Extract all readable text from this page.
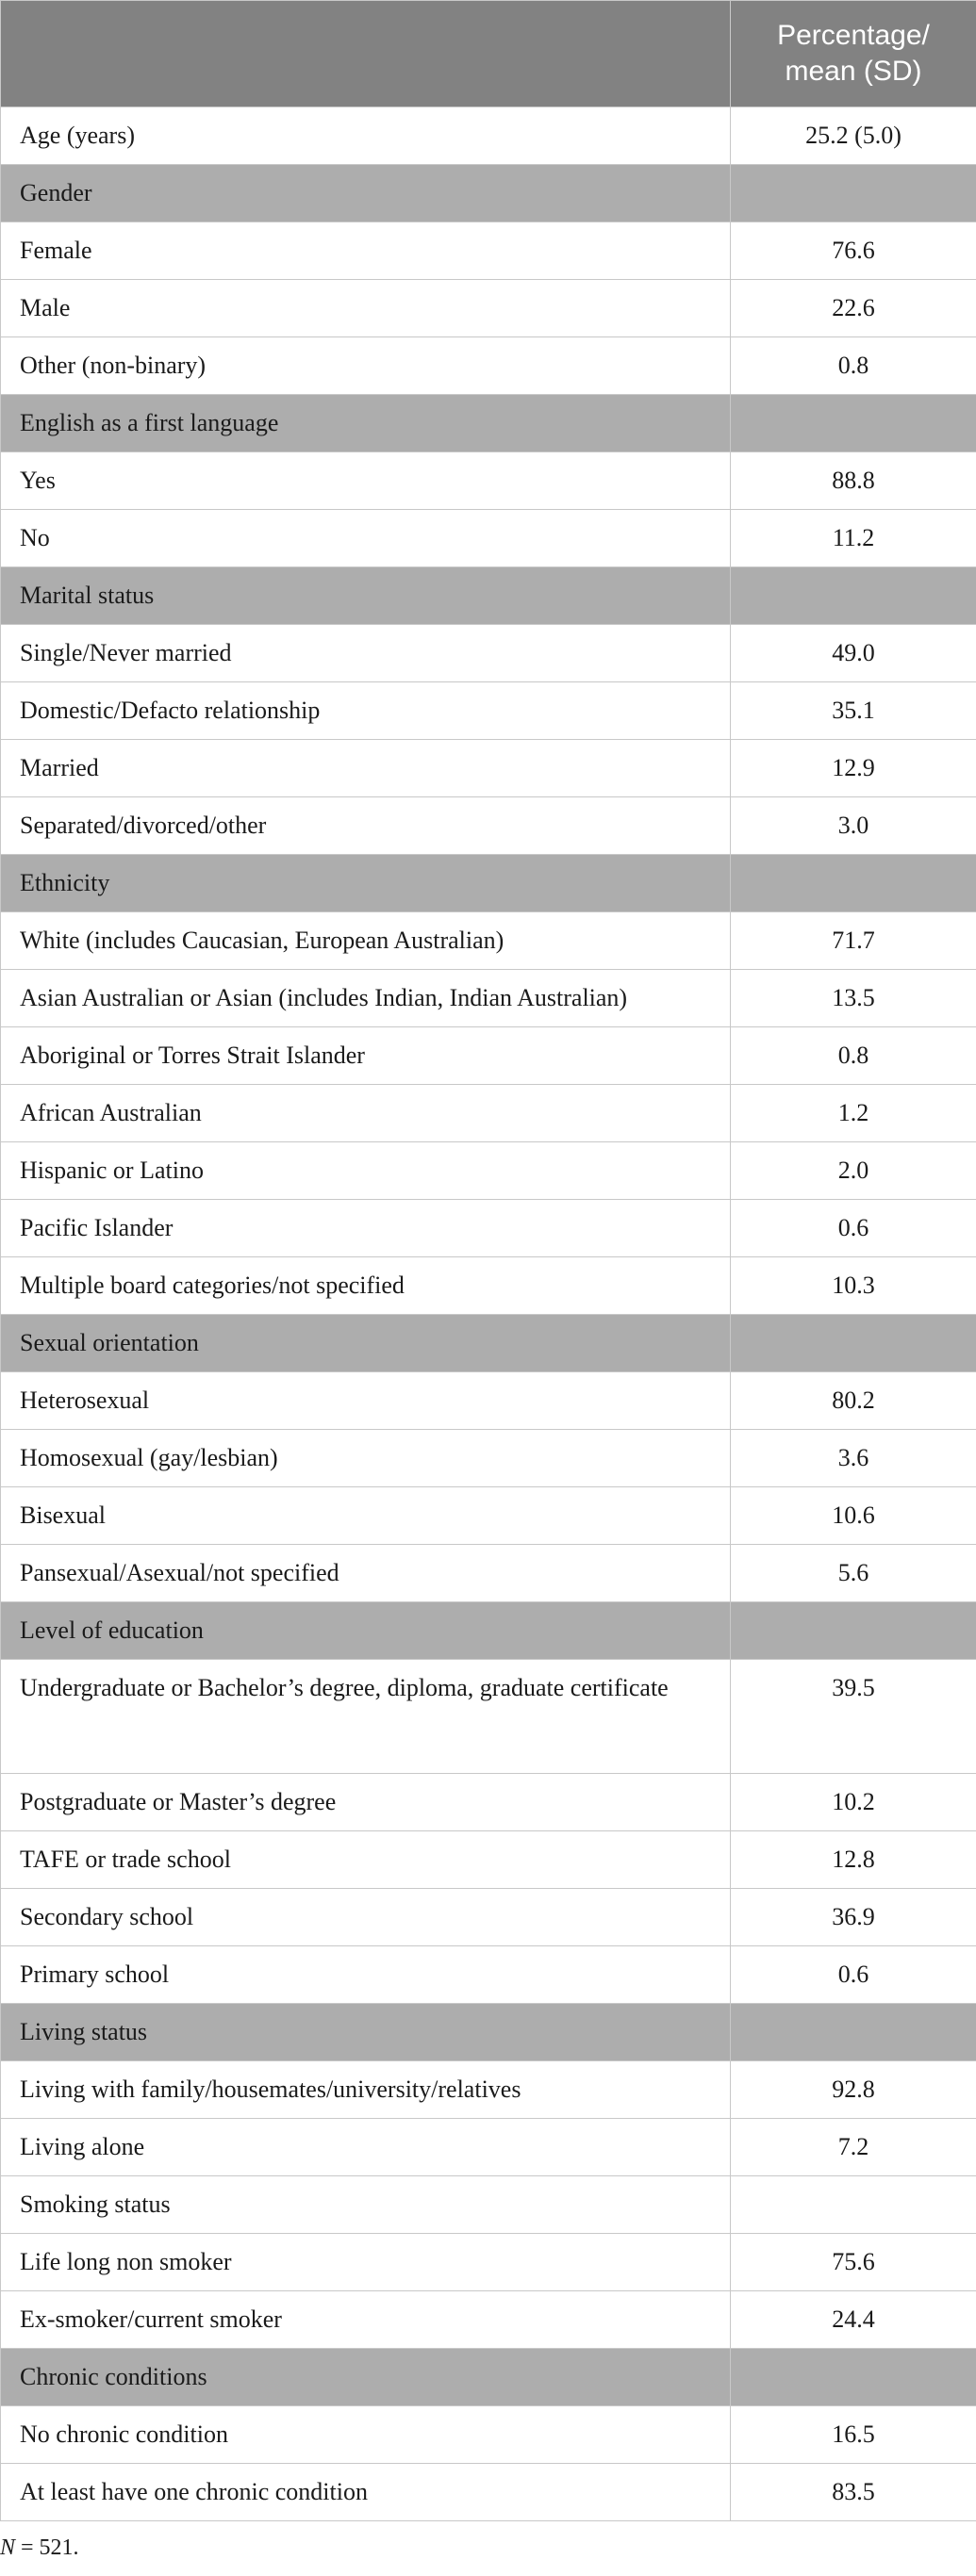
	Percentage/
mean (SD)
Age (years)	25.2 (5.0)
Gender	
Female	76.6
Male	22.6
Other (non-binary)	0.8
English as a first language	
Yes	88.8
No	11.2
Marital status	
Single/Never married	49.0
Domestic/Defacto relationship	35.1
Married	12.9
Separated/divorced/other	3.0
Ethnicity	
White (includes Caucasian, European Australian)	71.7
Asian Australian or Asian (includes Indian, Indian Australian)	13.5
Aboriginal or Torres Strait Islander	0.8
African Australian	1.2
Hispanic or Latino	2.0
Pacific Islander	0.6
Multiple board categories/not specified	10.3
Sexual orientation	
Heterosexual	80.2
Homosexual (gay/lesbian)	3.6
Bisexual	10.6
Pansexual/Asexual/not specified	5.6
Level of education	
Undergraduate or Bachelor’s degree, diploma, graduate certificate	39.5
Postgraduate or Master’s degree	10.2
TAFE or trade school	12.8
Secondary school	36.9
Primary school	0.6
Living status	
Living with family/housemates/university/relatives	92.8
Living alone	7.2
Smoking status	
Life long non smoker	75.6
Ex-smoker/current smoker	24.4
Chronic conditions	
No chronic condition	16.5
At least have one chronic condition	83.5
N = 521.
